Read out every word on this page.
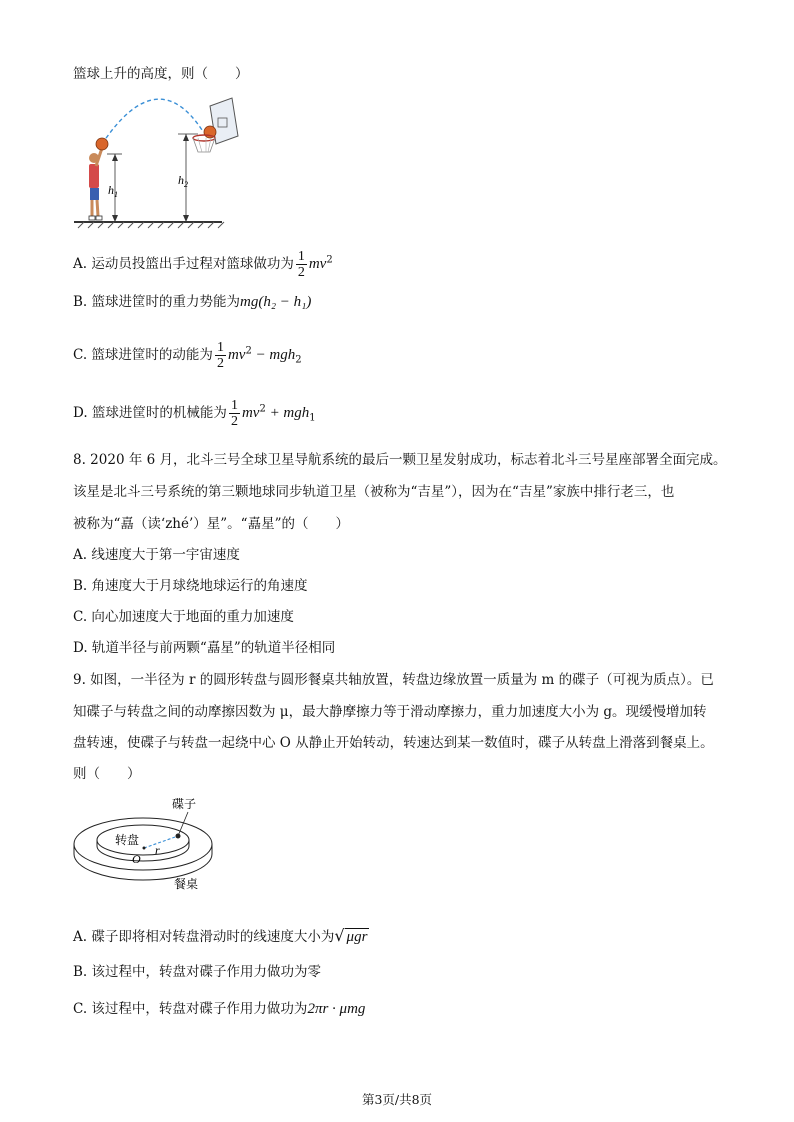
篮球上升的高度，则（　　）
$h_1$
$h_2$
A. 运动员投篮出手过程对篮球做功为 $\frac{1}{2} mv^2$
B. 篮球进筐时的重力势能为mg(h₂ − h₁)
C. 篮球进筐时的动能为 $\frac{1}{2} mv^2 - mgh_2$
D. 篮球进筐时的机械能为 $\frac{1}{2} mv^2 + mgh_1$
8. 2020 年 6 月，北斗三号全球卫星导航系统的最后一颗卫星发射成功，标志着北斗三号星座部署全面完成。
该星是北斗三号系统的第三颗地球同步轨道卫星（被称为“吉星”），因为在“吉星”家族中排行老三，也
被称为“嚞（读‘zhé’）星”。“嚞星”的（　　）
A. 线速度大于第一宇宙速度
B. 角速度大于月球绕地球运行的角速度
C. 向心加速度大于地面的重力加速度
D. 轨道半径与前两颗“嚞星”的轨道半径相同
9. 如图，一半径为 r 的圆形转盘与圆形餐桌共轴放置，转盘边缘放置一质量为 m 的碟子（可视为质点）。已
知碟子与转盘之间的动摩擦因数为 μ，最大静摩擦力等于滑动摩擦力，重力加速度大小为 g。现缓慢增加转
盘转速，使碟子与转盘一起绕中心 O 从静止开始转动，转速达到某一数值时，碟子从转盘上滑落到餐桌上。
则（　　）
碟子
转盘
O
r
餐桌
A. 碟子即将相对转盘滑动时的线速度大小为√ μgr
B. 该过程中，转盘对碟子作用力做功为零
C. 该过程中，转盘对碟子作用力做功为2πr · μmg
第3页/共8页
